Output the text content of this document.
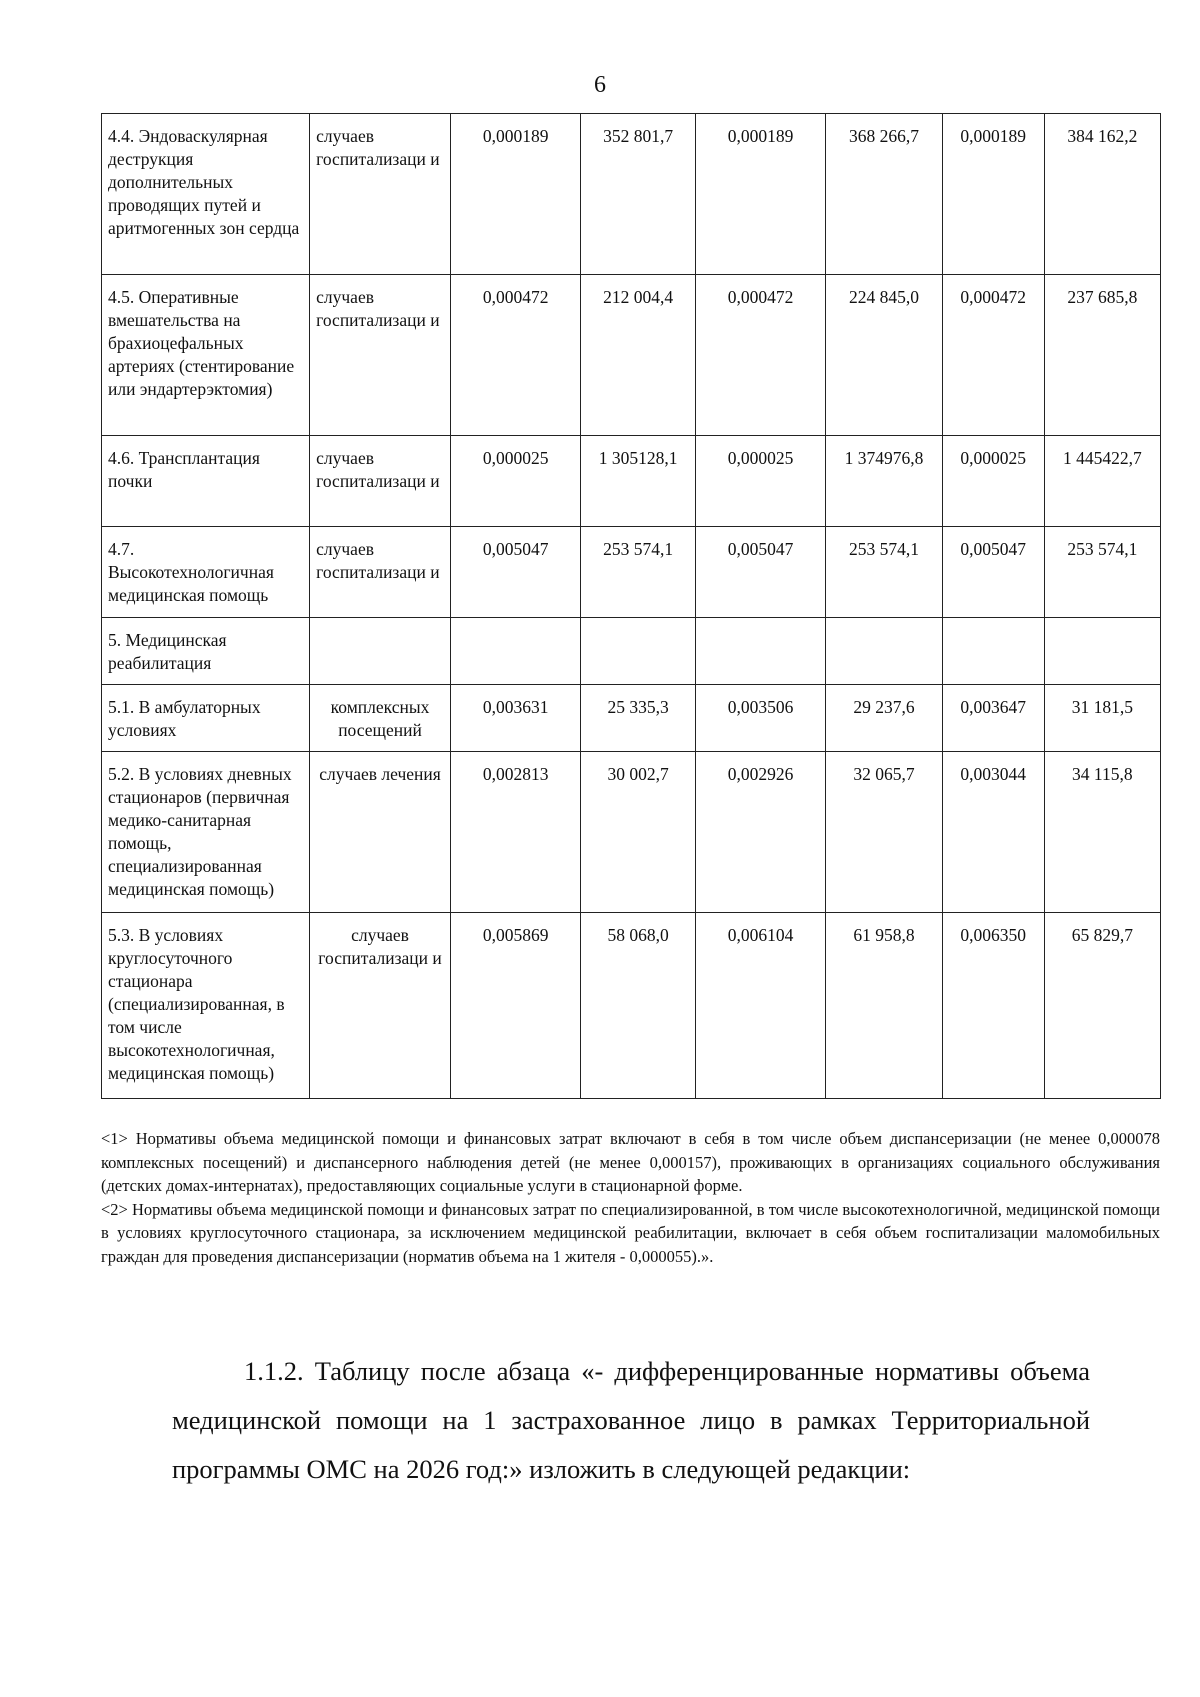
6
4.4. Эндоваскулярная деструкция дополнительных проводящих путей и аритмогенных зон сердца	случаев госпитализаци и	0,000189	352 801,7	0,000189	368 266,7	0,000189	384 162,2
4.5. Оперативные вмешательства на брахиоцефальных артериях (стентирование или эндартерэктомия)	случаев госпитализаци и	0,000472	212 004,4	0,000472	224 845,0	0,000472	237 685,8
4.6. Трансплантация почки	случаев госпитализаци и	0,000025	1 305128,1	0,000025	1 374976,8	0,000025	1 445422,7
4.7. Высокотехнологичная медицинская помощь	случаев госпитализаци и	0,005047	253 574,1	0,005047	253 574,1	0,005047	253 574,1
5. Медицинская реабилитация							
5.1. В амбулаторных условиях	комплексных посещений	0,003631	25 335,3	0,003506	29 237,6	0,003647	31 181,5
5.2. В условиях дневных стационаров (первичная медико-санитарная помощь, специализированная медицинская помощь)	случаев лечения	0,002813	30 002,7	0,002926	32 065,7	0,003044	34 115,8
5.3. В условиях круглосуточного стационара (специализированная, в том числе высокотехнологичная, медицинская помощь)	случаев госпитализаци и	0,005869	58 068,0	0,006104	61 958,8	0,006350	65 829,7

<1> Нормативы объема медицинской помощи и финансовых затрат включают в себя в том числе объем диспансеризации (не менее 0,000078 комплексных посещений) и диспансерного наблюдения детей (не менее 0,000157), проживающих в организациях социального обслуживания (детских домах-интернатах), предоставляющих социальные услуги в стационарной форме.

<2> Нормативы объема медицинской помощи и финансовых затрат по специализированной, в том числе высокотехнологичной, медицинской помощи в условиях круглосуточного стационара, за исключением медицинской реабилитации, включает в себя объем госпитализации маломобильных граждан для проведения диспансеризации (норматив объема на 1 жителя - 0,000055).».

1.1.2. Таблицу после абзаца «- дифференцированные нормативы объема медицинской помощи на 1 застрахованное лицо в рамках Территориальной программы ОМС на 2026 год:» изложить в следующей редакции:
